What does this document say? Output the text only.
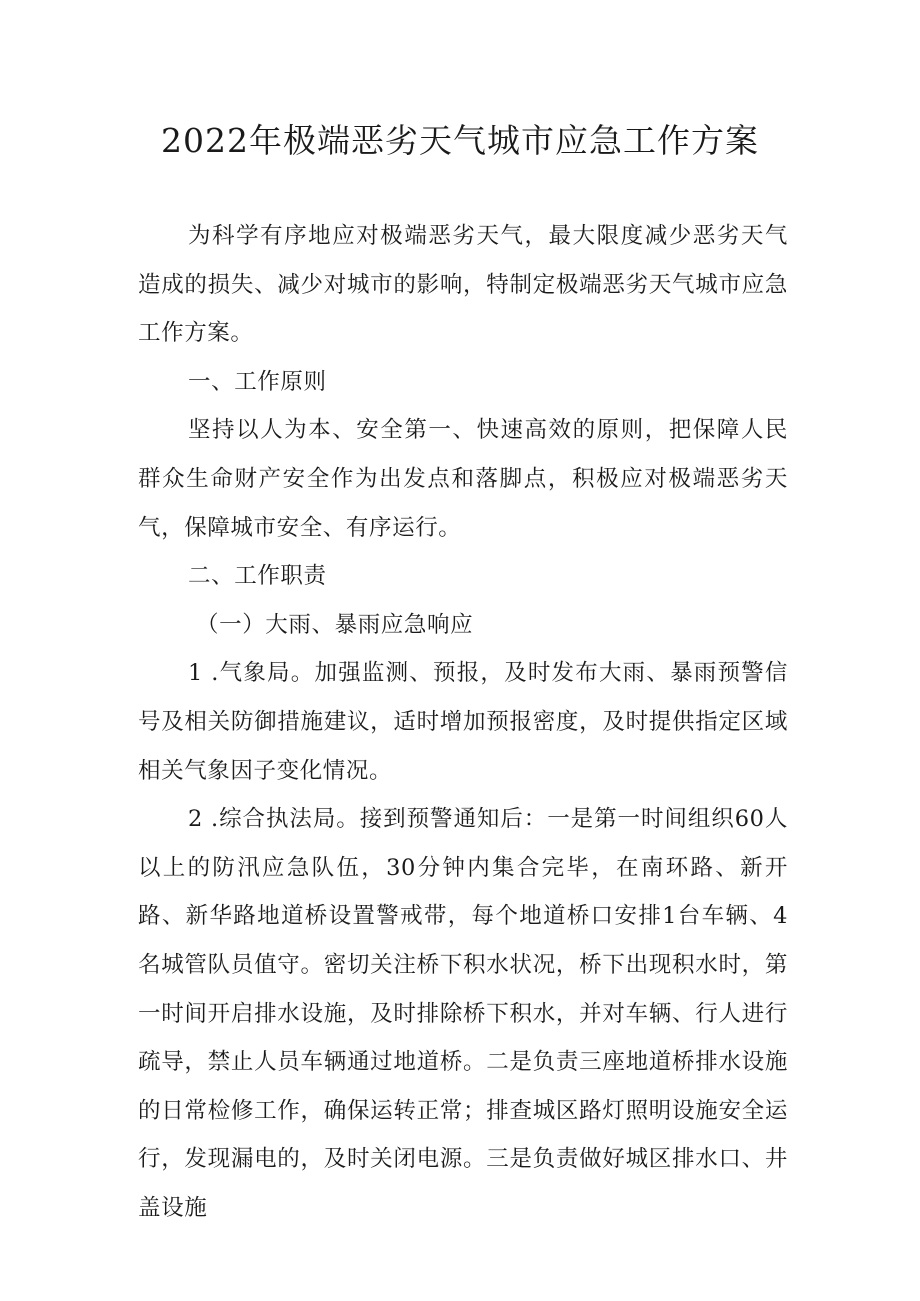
2022年极端恶劣天气城市应急工作方案

为科学有序地应对极端恶劣天气，最大限度减少恶劣天气造成的损失、减少对城市的影响，特制定极端恶劣天气城市应急工作方案。

一、工作原则

坚持以人为本、安全第一、快速高效的原则，把保障人民群众生命财产安全作为出发点和落脚点，积极应对极端恶劣天气，保障城市安全、有序运行。

二、工作职责

（一）大雨、暴雨应急响应

1 .气象局。加强监测、预报，及时发布大雨、暴雨预警信号及相关防御措施建议，适时增加预报密度，及时提供指定区域相关气象因子变化情况。

2 .综合执法局。接到预警通知后：一是第一时间组织60人以上的防汛应急队伍，30分钟内集合完毕，在南环路、新开路、新华路地道桥设置警戒带，每个地道桥口安排1台车辆、4名城管队员值守。密切关注桥下积水状况，桥下出现积水时，第一时间开启排水设施，及时排除桥下积水，并对车辆、行人进行疏导，禁止人员车辆通过地道桥。二是负责三座地道桥排水设施的日常检修工作，确保运转正常；排查城区路灯照明设施安全运行，发现漏电的，及时关闭电源。三是负责做好城区排水口、井盖设施
